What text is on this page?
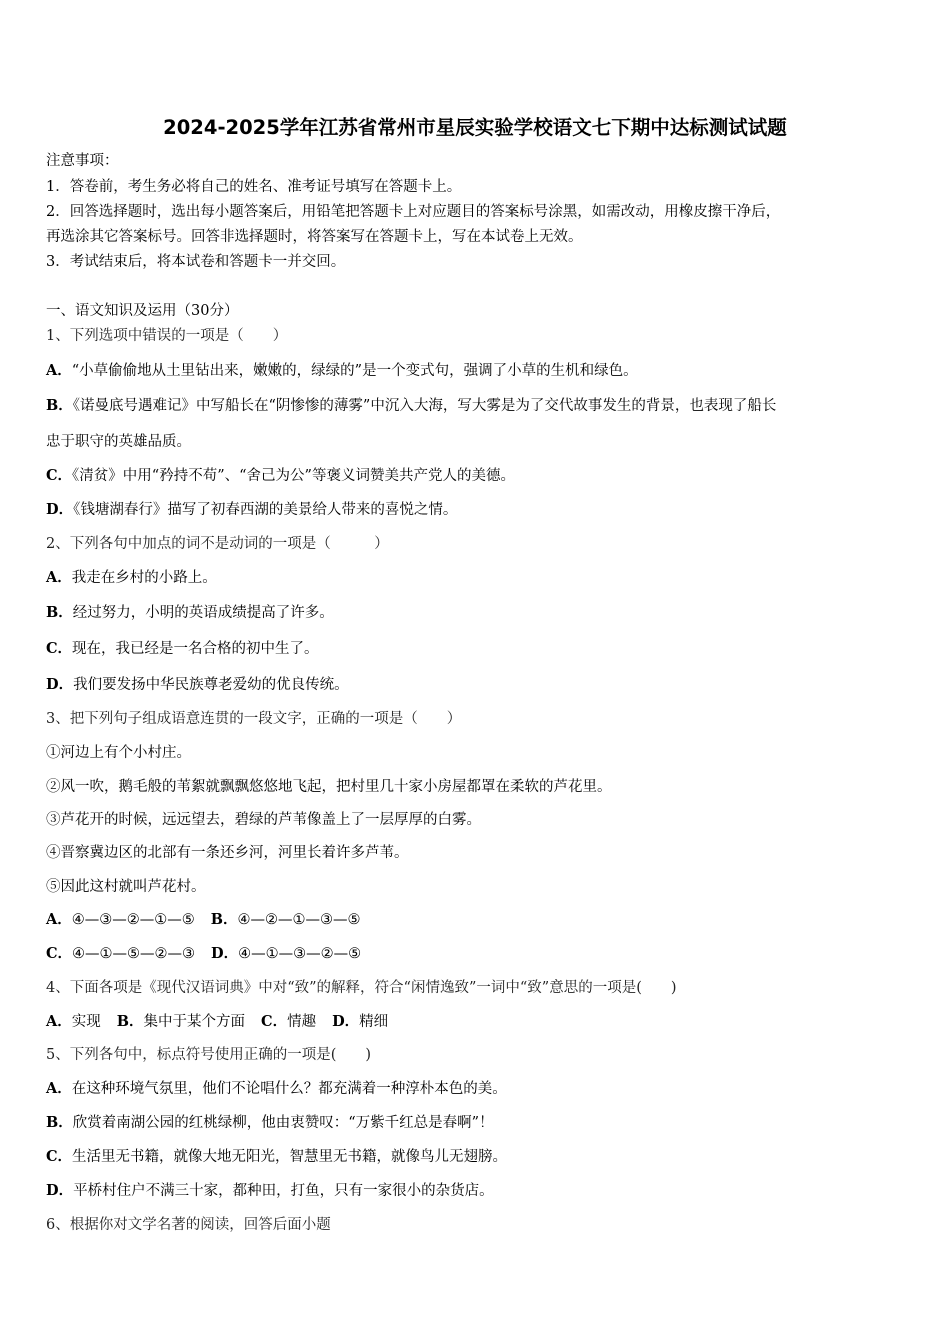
2024-2025学年江苏省常州市星辰实验学校语文七下期中达标测试试题
注意事项：
1．答卷前，考生务必将自己的姓名、准考证号填写在答题卡上。
2．回答选择题时，选出每小题答案后，用铅笔把答题卡上对应题目的答案标号涂黑，如需改动，用橡皮擦干净后，
再选涂其它答案标号。回答非选择题时，将答案写在答题卡上，写在本试卷上无效。
3．考试结束后，将本试卷和答题卡一并交回。
一、语文知识及运用（30分）
1、下列选项中错误的一项是（　　）
A．“小草偷偷地从土里钻出来，嫩嫩的，绿绿的”是一个变式句，强调了小草的生机和绿色。
B．《诺曼底号遇难记》中写船长在“阴惨惨的薄雾”中沉入大海，写大雾是为了交代故事发生的背景，也表现了船长
忠于职守的英雄品质。
C．《清贫》中用“矜持不苟”、“舍己为公”等褒义词赞美共产党人的美德。
D．《钱塘湖春行》描写了初春西湖的美景给人带来的喜悦之情。
2、下列各句中加点的词不是动词的一项是（　　　）
A．我走在乡村的小路上。
B．经过努力，小明的英语成绩提高了许多。
C．现在，我已经是一名合格的初中生了。
D．我们要发扬中华民族尊老爱幼的优良传统。
3、把下列句子组成语意连贯的一段文字，正确的一项是（　　）
①河边上有个小村庄。
②风一吹，鹅毛般的苇絮就飘飘悠悠地飞起，把村里几十家小房屋都罩在柔软的芦花里。
③芦花开的时候，远远望去，碧绿的芦苇像盖上了一层厚厚的白雾。
④晋察冀边区的北部有一条还乡河，河里长着许多芦苇。
⑤因此这村就叫芦花村。
A．④—③—②—①—⑤ B．④—②—①—③—⑤
C．④—①—⑤—②—③ D．④—①—③—②—⑤
4、下面各项是《现代汉语词典》中对“致”的解释，符合“闲情逸致”一词中“致”意思的一项是(　　)
A．实现 B．集中于某个方面 C．情趣 D．精细
5、下列各句中，标点符号使用正确的一项是(　　)
A．在这种环境气氛里，他们不论唱什么？都充满着一种淳朴本色的美。
B．欣赏着南湖公园的红桃绿柳，他由衷赞叹：“万紫千红总是春啊”！
C．生活里无书籍，就像大地无阳光，智慧里无书籍，就像鸟儿无翅膀。
D．平桥村住户不满三十家，都种田，打鱼，只有一家很小的杂货店。
6、根据你对文学名著的阅读，回答后面小题
